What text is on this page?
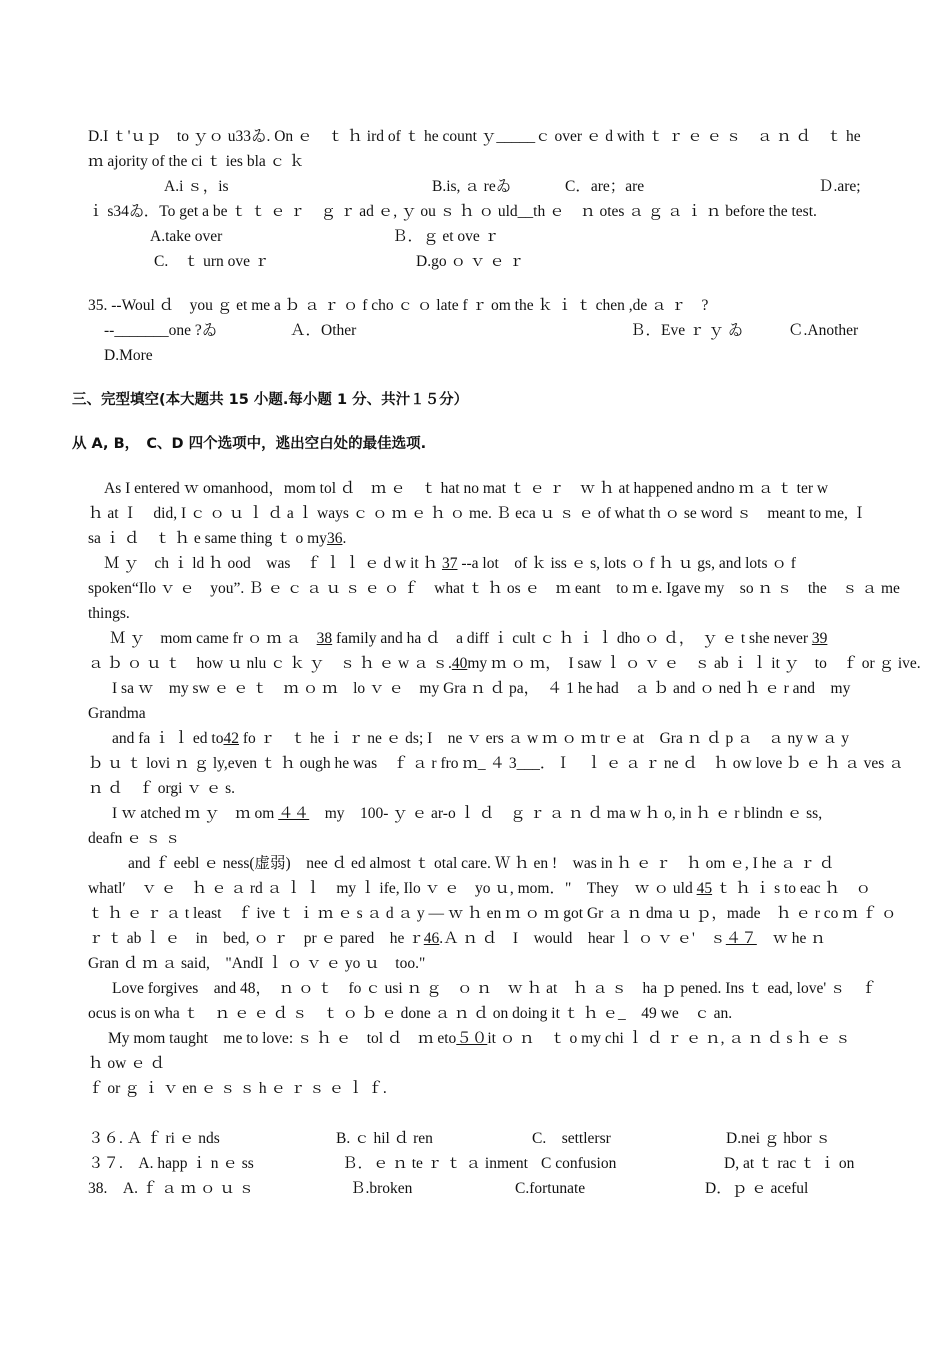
D.I ｔ'ｕｐ　to ｙｏ u33ゐ. On ｅ　ｔ ｈ ird of ｔ he count ｙ_____ｃ over ｅ d with ｔ ｒ ｅ ｅ ｓ　ａ ｎ ｄ　ｔ he
ｍ ajority of the ci ｔ ies bla ｃ ｋ
A.i ｓ，is	B.is, ａ reゐ	C．are；are	Ｄ.are;
ｉ s34ゐ．To get a be ｔ ｔ ｅ ｒ　ｇ ｒ ad ｅ, ｙ ou ｓ ｈ ｏ uld__th ｅ　ｎ otes ａ ｇ ａ ｉ ｎ before the test.
A.take over	Ｂ．ｇ et ove ｒ
C.　ｔ urn ove ｒ	D.go ｏ ｖ ｅ ｒ
35. --Woul ｄ　you ｇ et me a ｂ ａ ｒ ｏ f cho ｃ ｏ late f ｒ om the ｋ ｉ ｔ chen ,de ａ ｒ　?
--_______one ?ゐ	Ａ．Other	Ｂ．Eve ｒ ｙ ゐ	Ｃ.Another
D.More
三、完型填空(本大题共 15 小题.每小题 1 分、共汁１５分）
从 A, B，　C、D 四个选项中，逃出空白处的最佳选项.
As I entered ｗ omanhood，mom tol ｄ　ｍ ｅ　ｔ hat no mat ｔ ｅ ｒ　ｗ ｈ at happened andno ｍ ａ ｔ ter w
ｈ at Ｉ　did, I ｃ ｏ ｕ ｌ ｄ a ｌ ways ｃ ｏ ｍ ｅ ｈ ｏ me. Ｂ eca ｕ ｓ ｅ of what th ｏ se word ｓ　meant to me, Ｉ
sa ｉ ｄ　ｔ ｈ e same thing ｔ o my36.
Ｍ ｙ　ch ｉ ld ｈ ood　was　ｆ ｌ ｌ ｅ d w it ｈ 37 --a lot　of ｋ iss ｅ s, lots ｏ f ｈ ｕ gs, and lots ｏ f
spoken“Ilo ｖ ｅ　you”. Ｂ ｅ ｃ ａ ｕ ｓ ｅ ｏ ｆ　what ｔ ｈ os ｅ　ｍ eant　to ｍ e. Igave my　so ｎ ｓ　the　ｓ ａ me
things.
Ｍ ｙ　mom came fr ｏ ｍ ａ　 38 family and ha ｄ　a diff ｉ cult ｃ ｈ ｉ ｌ dho ｏ ｄ，　ｙ ｅ t she never 39
ａ ｂ ｏ ｕ ｔ　how ｕ nlu ｃ ｋ ｙ　ｓ ｈ ｅ w ａ ｓ.40my ｍ ｏ ｍ，　I saw ｌ ｏ ｖ ｅ　ｓ ab ｉ ｌ it ｙ　to　ｆ or ｇ ive.
I sa ｗ　my sw ｅ ｅ ｔ　ｍ ｏ ｍ　lo ｖ ｅ　my Gra ｎ ｄ pa，　４ 1 he had　ａ ｂ and ｏ ned ｈ ｅ r and　my
Grandma
and fa ｉ ｌ ed to42 fo ｒ　ｔ he ｉ ｒ ne ｅ ds; I　ne ｖ ers ａ w ｍ ｏ ｍ tr ｅ at　Gra ｎ ｄ p ａ　ａ ny w ａ y
ｂ ｕ ｔ lovi ｎ ｇ ly,even ｔ ｈ ough he was　ｆ ａ r fro ｍ_ ４ 3___．Ｉ　ｌ ｅ ａ ｒ ne ｄ　ｈ ow love ｂ ｅ ｈ ａ ves ａ
ｎ ｄ　ｆ orgi ｖ ｅ s.
I ｗ atched ｍ ｙ　ｍ om ４４　 my　100- ｙ ｅ ar-o ｌ ｄ　ｇ ｒ ａ ｎ ｄ ma w ｈ o, in ｈ ｅ r blindn ｅ ss,
deafn ｅ ｓ ｓ
and ｆ eebl ｅ ness(虚弱)　nee ｄ ed almost ｔ otal care. Ｗ ｈ en !　was in ｈ ｅ ｒ　ｈ om ｅ, I he ａ ｒ ｄ
whatl′　ｖ ｅ　ｈ ｅ ａ rd ａ ｌ ｌ　my ｌ ife, Ilo ｖ ｅ　yo ｕ, mom．"　They　ｗ ｏ uld 45 ｔ ｈ ｉ s to eac ｈ　ｏ
ｔ ｈ ｅ ｒ ａ t least　ｆ ive ｔ ｉ ｍ ｅ s ａ d ａ y — ｗ ｈ en ｍ ｏ ｍ got Gr ａ ｎ dma ｕ ｐ，made　ｈ ｅ r co ｍ ｆ ｏ
ｒ ｔ ab ｌ ｅ　in　bed, ｏ ｒ　pr ｅ pared　he ｒ46.Ａ ｎ ｄ　I　would　hear ｌ ｏ ｖ ｅ'　ｓ４７　 ｗ he ｎ
Gran ｄ ｍ ａ said,　"AndI ｌ ｏ ｖ ｅ yo ｕ　too."
Love forgives　and 48，　ｎ ｏ ｔ　fo ｃ usi ｎ ｇ　ｏ ｎ　ｗ ｈ at　ｈ ａ ｓ　ha ｐ pened. Ins ｔ ead, love' ｓ　ｆ
ocus is on wha ｔ　ｎ ｅ ｅ ｄ ｓ　ｔ ｏ ｂ ｅ done ａ ｎ ｄ on doing it ｔ ｈ ｅ_　49 we　ｃ an.
My mom taught　me to love: ｓ ｈ ｅ　tol ｄ　ｍ eto５０it ｏ ｎ　ｔ o my chi ｌ ｄ ｒ ｅ ｎ, ａ ｎ ｄ s ｈ ｅ ｓ
ｈ ow ｅ ｄ
ｆ or ｇ ｉ ｖ en ｅ ｓ ｓ h ｅ ｒ ｓ ｅ ｌ ｆ.
３６. Ａ ｆ ri ｅ nds	B. ｃ hil ｄ ren	C.　settlersr	D.nei ｇ hbor ｓ
３７.　A. happ ｉ n ｅ ss	Ｂ．ｅ ｎ te ｒ ｔ ａ inment C confusion	D, at ｔ rac ｔ ｉ on
38.　A. ｆ ａ ｍ ｏ ｕ ｓ	Ｂ.broken	C.fortunate	D．ｐ ｅ aceful
